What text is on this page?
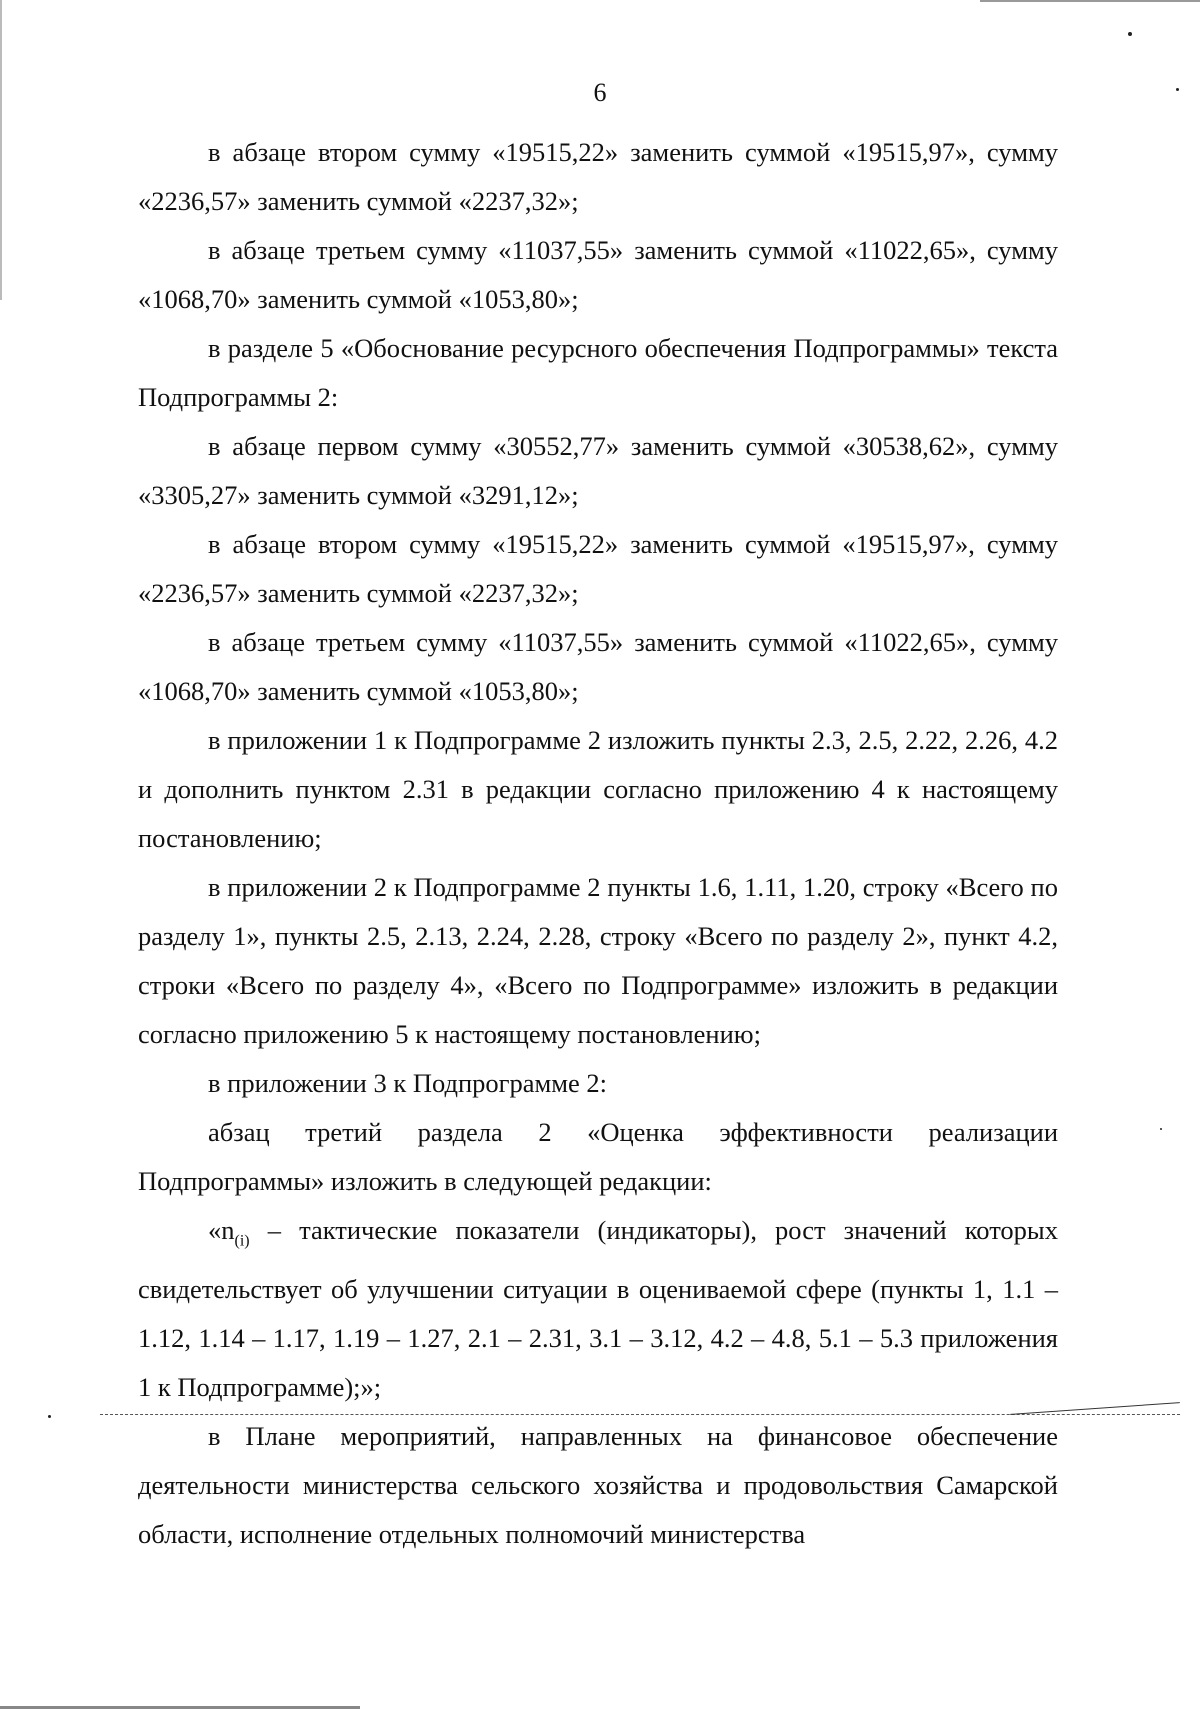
6

в абзаце втором сумму «19515,22» заменить суммой «19515,97», сумму «2236,57» заменить суммой «2237,32»;

в абзаце третьем сумму «11037,55» заменить суммой «11022,65», сумму «1068,70» заменить суммой «1053,80»;

в разделе 5 «Обоснование ресурсного обеспечения Подпрограммы» текста Подпрограммы 2:

в абзаце первом сумму «30552,77» заменить суммой «30538,62», сумму «3305,27» заменить суммой «3291,12»;

в абзаце втором сумму «19515,22» заменить суммой «19515,97», сумму «2236,57» заменить суммой «2237,32»;

в абзаце третьем сумму «11037,55» заменить суммой «11022,65», сумму «1068,70» заменить суммой «1053,80»;

в приложении 1 к Подпрограмме 2 изложить пункты 2.3, 2.5, 2.22, 2.26, 4.2 и дополнить пунктом 2.31 в редакции согласно приложению 4 к настоящему постановлению;

в приложении 2 к Подпрограмме 2 пункты 1.6, 1.11, 1.20, строку «Всего по разделу 1», пункты 2.5, 2.13, 2.24, 2.28, строку «Всего по разделу 2», пункт 4.2, строки «Всего по разделу 4», «Всего по Подпрограмме» изложить в редакции согласно приложению 5 к настоящему постановлению;

в приложении 3 к Подпрограмме 2:

абзац третий раздела 2 «Оценка эффективности реализации Подпрограммы» изложить в следующей редакции:

«$n_{(i)}$ – тактические показатели (индикаторы), рост значений которых свидетельствует об улучшении ситуации в оцениваемой сфере (пункты 1, 1.1 – 1.12, 1.14 – 1.17, 1.19 – 1.27, 2.1 – 2.31, 3.1 – 3.12, 4.2 – 4.8, 5.1 – 5.3 приложения 1 к Подпрограмме);»;

в Плане мероприятий, направленных на финансовое обеспечение деятельности министерства сельского хозяйства и продовольствия Самарской области, исполнение отдельных полномочий министерства
